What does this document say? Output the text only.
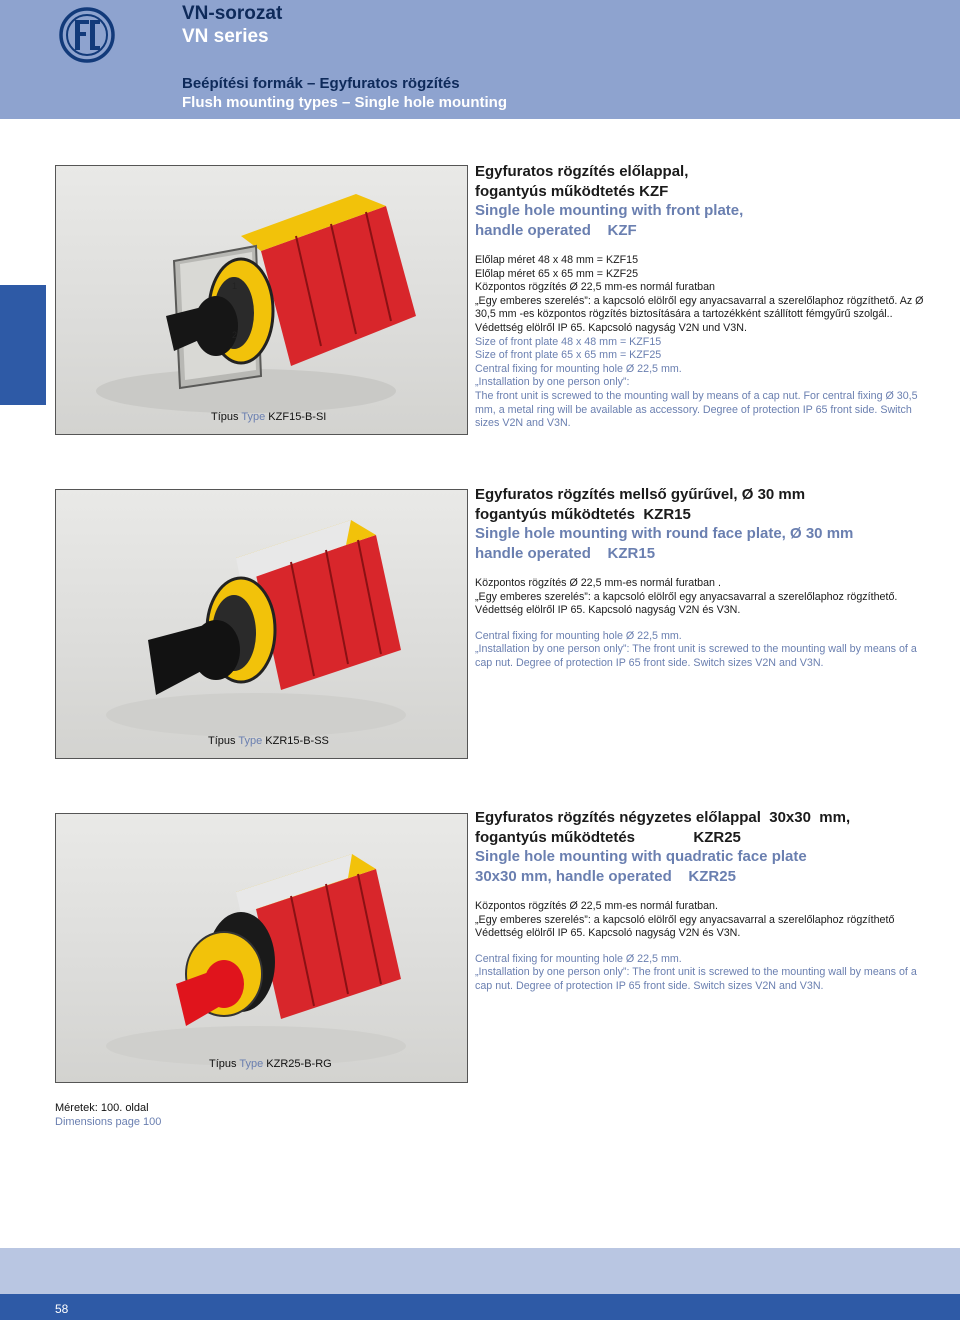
VN-sorozat
VN series
Beépítési formák – Egyfuratos rögzítés
Flush mounting types – Single hole mounting
1
2
Típus Type KZF15-B-SI
Egyfuratos rögzítés előlappal,
fogantyús működtetés KZF
Single hole mounting with front plate,
handle operated    KZF

Előlap méret 48 x 48 mm = KZF15
Előlap méret 65 x 65 mm = KZF25
Központos rögzítés Ø 22,5 mm-es normál furatban
„Egy emberes szerelés”: a kapcsoló elölről egy anyacsavarral a szerelőlaphoz rögzíthető. Az Ø 30,5 mm -es központos rögzítés biztosítására a tartozékként szállított fémgyűrű szolgál.. Védettség elölről IP 65. Kapcsoló nagyság V2N und V3N.

Size of front plate 48 x 48 mm = KZF15
Size of front plate 65 x 65 mm = KZF25
Central fixing for mounting hole Ø 22,5 mm.
„Installation by one person only”:
The front unit is screwed to the mounting wall by means of a cap nut. For central fixing Ø 30,5 mm, a metal ring will be available as accessory. Degree of protection IP 65 front side. Switch sizes V2N and V3N.

Típus Type KZR15-B-SS
Egyfuratos rögzítés mellső gyűrűvel, Ø 30 mm
fogantyús működtetés  KZR15
Single hole mounting with round face plate, Ø 30 mm
handle operated    KZR15

Központos rögzítés Ø 22,5 mm-es normál furatban .
„Egy emberes szerelés”: a kapcsoló elölről egy anyacsavarral a szerelőlaphoz rögzíthető. Védettség elölről IP 65. Kapcsoló nagyság V2N és V3N.

Central fixing for mounting hole Ø 22,5 mm.
„Installation by one person only”: The front unit is screwed to the mounting wall by means of a cap nut. Degree of protection IP 65 front side. Switch sizes V2N and V3N.

Típus Type KZR25-B-RG
Egyfuratos rögzítés négyzetes előlappal  30x30  mm,
fogantyús működtetés              KZR25
Single hole mounting with quadratic face plate
30x30 mm, handle operated    KZR25

Központos rögzítés Ø 22,5 mm-es normál furatban.
„Egy emberes szerelés”: a kapcsoló elölről egy anyacsavarral a szerelőlaphoz rögzíthető
Védettség elölről IP 65. Kapcsoló nagyság V2N és V3N.

Central fixing for mounting hole Ø 22,5 mm.
„Installation by one person only”: The front unit is screwed to the mounting wall by means of a cap nut. Degree of protection IP 65 front side. Switch sizes V2N and V3N.

Méretek: 100. oldal
Dimensions page 100
58
